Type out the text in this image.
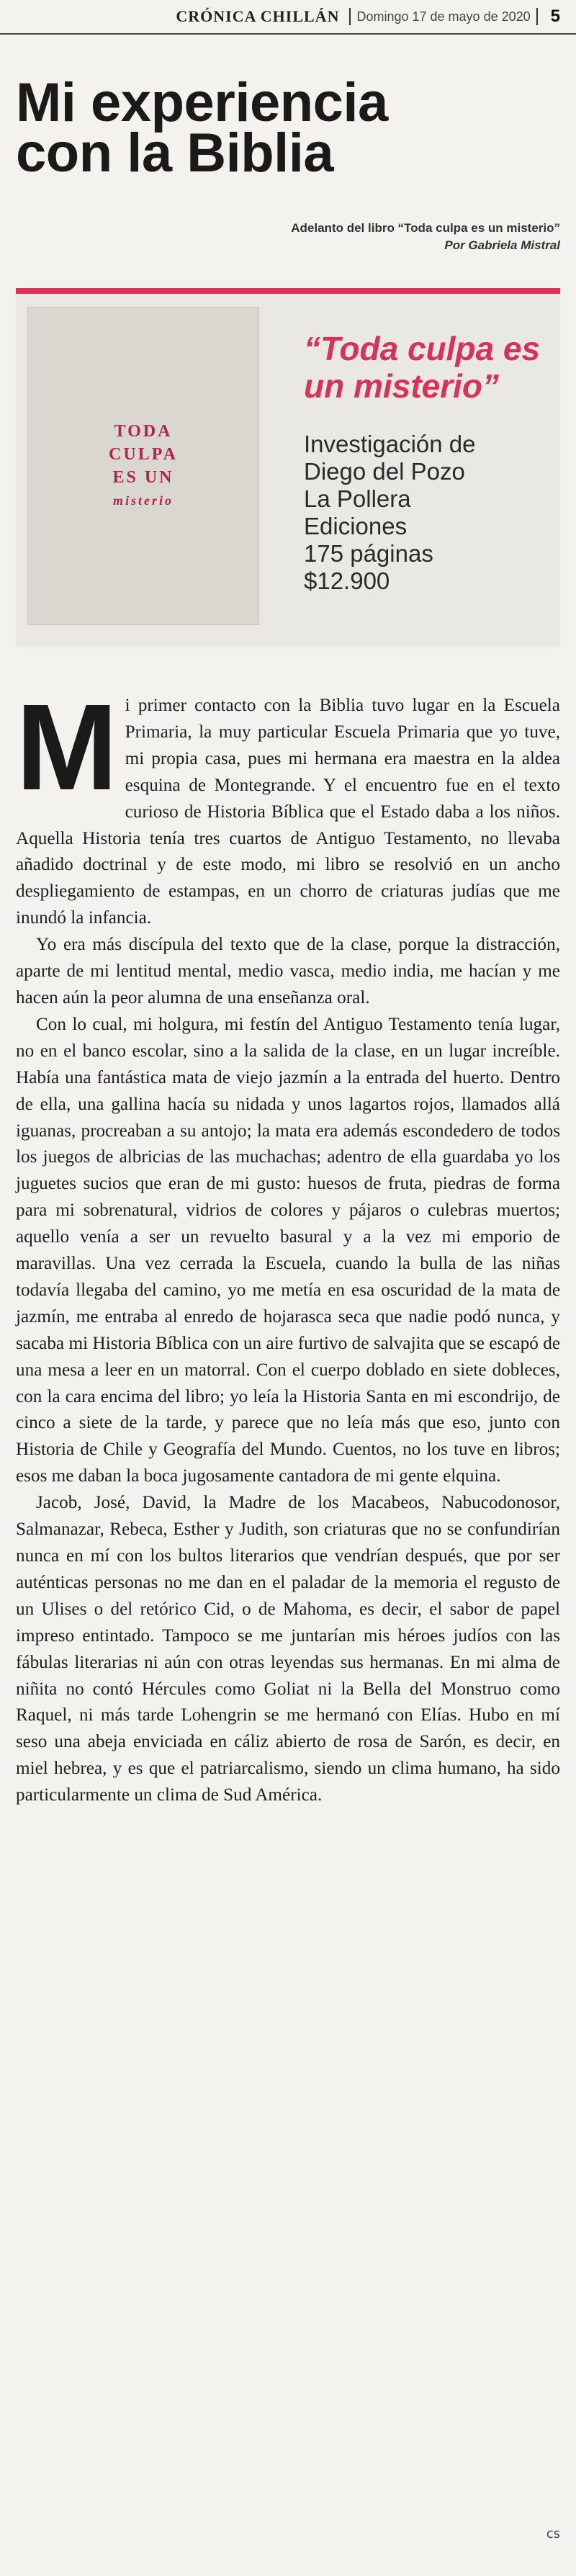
CRÓNICA CHILLÁN Domingo 17 de mayo de 2020 5
Mi experiencia
con la Biblia
Adelanto del libro “Toda culpa es un misterio”
Por Gabriela Mistral
TODA
CULPA
ES UN
misterio
“Toda culpa es un misterio”
Investigación de
Diego del Pozo
La Pollera
Ediciones
175 páginas
$12.900

M i primer contacto con la Biblia tuvo lugar en la Escuela Primaria, la muy particular Escuela Primaria que yo tuve, mi propia casa, pues mi hermana era maestra en la aldea esquina de Montegrande. Y el encuentro fue en el texto curioso de Historia Bíblica que el Estado daba a los niños. Aquella Historia tenía tres cuartos de Antiguo Testamento, no llevaba añadido doctrinal y de este modo, mi libro se resolvió en un ancho despliegamiento de estampas, en un chorro de criaturas judías que me inundó la infancia.

Yo era más discípula del texto que de la clase, porque la distracción, aparte de mi lentitud mental, medio vasca, medio india, me hacían y me hacen aún la peor alumna de una enseñanza oral.

Con lo cual, mi holgura, mi festín del Antiguo Testamento tenía lugar, no en el banco escolar, sino a la salida de la clase, en un lugar increíble. Había una fantástica mata de viejo jazmín a la entrada del huerto. Dentro de ella, una gallina hacía su nidada y unos lagartos rojos, llamados allá iguanas, procreaban a su antojo; la mata era además escondedero de todos los juegos de albricias de las muchachas; adentro de ella guardaba yo los juguetes sucios que eran de mi gusto: huesos de fruta, piedras de forma para mi sobrenatural, vidrios de colores y pájaros o culebras muertos; aquello venía a ser un revuelto basural y a la vez mi emporio de maravillas. Una vez cerrada la Escuela, cuando la bulla de las niñas todavía llegaba del camino, yo me metía en esa oscuridad de la mata de jazmín, me entraba al enredo de hojarasca seca que nadie podó nunca, y sacaba mi Historia Bíblica con un aire furtivo de salvajita que se escapó de una mesa a leer en un matorral. Con el cuerpo doblado en siete dobleces, con la cara encima del libro; yo leía la Historia Santa en mi escondrijo, de cinco a siete de la tarde, y parece que no leía más que eso, junto con Historia de Chile y Geografía del Mundo. Cuentos, no los tuve en libros; esos me daban la boca jugosamente cantadora de mi gente elquina.

Jacob, José, David, la Madre de los Macabeos, Nabucodonosor, Salmanazar, Rebeca, Esther y Judith, son criaturas que no se confundirían nunca en mí con los bultos literarios que vendrían después, que por ser auténticas personas no me dan en el paladar de la memoria el regusto de un Ulises o del retórico Cid, o de Mahoma, es decir, el sabor de papel impreso entintado. Tampoco se me juntarían mis héroes judíos con las fábulas literarias ni aún con otras leyendas sus hermanas. En mi alma de niñita no contó Hércules como Goliat ni la Bella del Monstruo como Raquel, ni más tarde Lohengrin se me hermanó con Elías. Hubo en mí seso una abeja enviciada en cáliz abierto de rosa de Sarón, es decir, en miel hebrea, y es que el patriarcalismo, siendo un clima humano, ha sido particularmente un clima de Sud América.

cs
